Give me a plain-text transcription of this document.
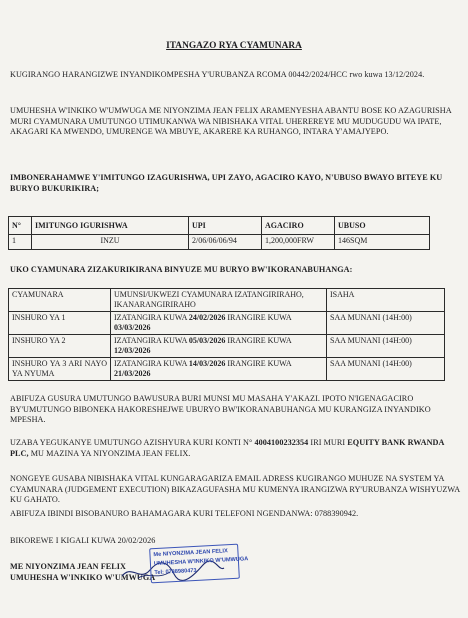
ITANGAZO RYA CYAMUNARA
KUGIRANGO HARANGIZWE INYANDIKOMPESHA Y'URUBANZA RCOMA 00442/2024/HCC rwo kuwa 13/12/2024.
UMUHESHA W'INKIKO W'UMWUGA ME NIYONZIMA JEAN FELIX ARAMENYESHA ABANTU BOSE KO AZAGURISHA MURI CYAMUNARA UMUTUNGO UTIMUKANWA WA NIBISHAKA VITAL UHEREREYE MU MUDUGUDU WA IPATE, AKAGARI KA MWENDO, UMURENGE WA MBUYE, AKARERE KA RUHANGO, INTARA Y'AMAJYEPO.
IMBONERAHAMWE Y'IMITUNGO IZAGURISHWA, UPI ZAYO, AGACIRO KAYO, N'UBUSO BWAYO BITEYE KU BURYO BUKURIKIRA;
N°	IMITUNGO IGURISHWA	UPI	AGACIRO	UBUSO
1	INZU	2/06/06/06/94	1,200,000FRW	146SQM
UKO CYAMUNARA ZIZAKURIKIRANA BINYUZE MU BURYO BW'IKORANABUHANGA:
CYAMUNARA	UMUNSI/UKWEZI CYAMUNARA IZATANGIRIRAHO, IKANARANGIRIRAHO	ISAHA
INSHURO YA 1	IZATANGIRA KUWA 24/02/2026 IRANGIRE KUWA 03/03/2026	SAA MUNANI (14H:00)
INSHURO YA 2	IZATANGIRA KUWA 05/03/2026 IRANGIRE KUWA 12/03/2026	SAA MUNANI (14H:00)
INSHURO YA 3 ARI NAYO YA NYUMA	IZATANGIRA KUWA 14/03/2026 IRANGIRE KUWA 21/03/2026	SAA MUNANI (14H:00)
ABIFUZA GUSURA UMUTUNGO BAWUSURA BURI MUNSI MU MASAHA Y'AKAZI. IPOTO N'IGENAGACIRO BY'UMUTUNGO BIBONEKA HAKORESHEJWE UBURYO BW'IKORANABUHANGA MU KURANGIZA INYANDIKO MPESHA.
UZABA YEGUKANYE UMUTUNGO AZISHYURA KURI KONTI N° 4004100232354 IRI MURI EQUITY BANK RWANDA PLC, MU MAZINA YA NIYONZIMA JEAN FELIX.
NONGEYE GUSABA NIBISHAKA VITAL KUNGARAGARIZA EMAIL ADRESS KUGIRANGO MUHUZE NA SYSTEM YA CYAMUNARA (JUDGEMENT EXECUTION) BIKAZAGUFASHA MU KUMENYA IRANGIZWA RY'URUBANZA WISHYUZWA KU GAHATO.
ABIFUZA IBINDI BISOBANURO BAHAMAGARA KURI TELEFONI NGENDANWA: 0788390942.
BIKOREWE I KIGALI KUWA 20/02/2026
ME NIYONZIMA JEAN FELIX
UMUHESHA W'INKIKO W'UMWUGA
Me NIYONZIMA JEAN FELIX
UMUHESHA W'INKIKO W'UMWUGA
Tel: 0788980473
